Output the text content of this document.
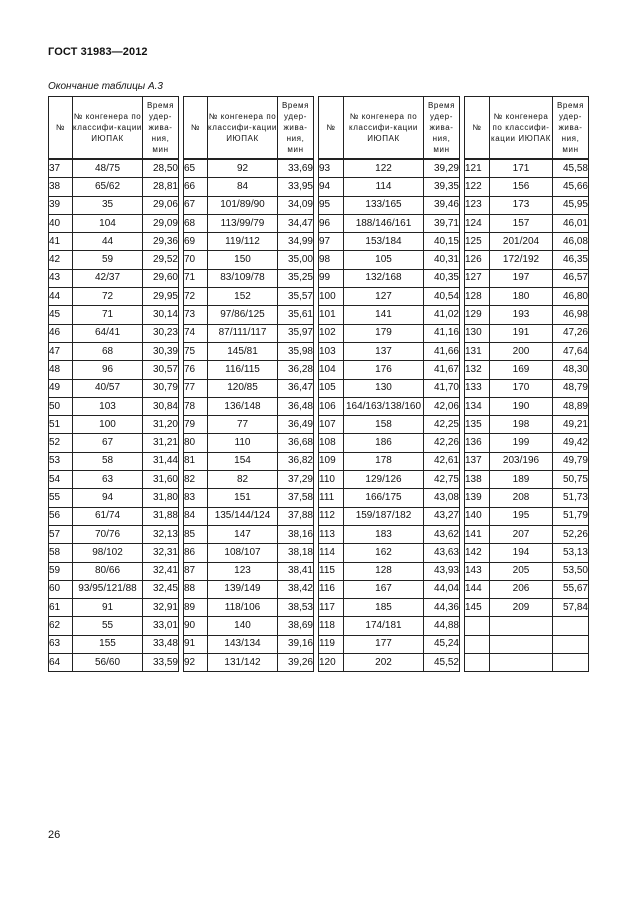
ГОСТ 31983—2012
Окончание таблицы А.3
№	№ конгенера по классифи-кации ИЮПАК	Время удер-жива-ния, мин
37	48/75	28,50
38	65/62	28,81
39	35	29,06
40	104	29,09
41	44	29,36
42	59	29,52
43	42/37	29,60
44	72	29,95
45	71	30,14
46	64/41	30,23
47	68	30,39
48	96	30,57
49	40/57	30,79
50	103	30,84
51	100	31,20
52	67	31,21
53	58	31,44
54	63	31,60
55	94	31,80
56	61/74	31,88
57	70/76	32,13
58	98/102	32,31
59	80/66	32,41
60	93/95/121/88	32,45
61	91	32,91
62	55	33,01
63	155	33,48
64	56/60	33,59
№	№ конгенера по классифи-кации ИЮПАК	Время удер-жива-ния, мин
65	92	33,69
66	84	33,95
67	101/89/90	34,09
68	113/99/79	34,47
69	119/112	34,99
70	150	35,00
71	83/109/78	35,25
72	152	35,57
73	97/86/125	35,61
74	87/111/117	35,97
75	145/81	35,98
76	116/115	36,28
77	120/85	36,47
78	136/148	36,48
79	77	36,49
80	110	36,68
81	154	36,82
82	82	37,29
83	151	37,58
84	135/144/124	37,88
85	147	38,16
86	108/107	38,18
87	123	38,41
88	139/149	38,42
89	118/106	38,53
90	140	38,69
91	143/134	39,16
92	131/142	39,26
№	№ конгенера по классифи-кации ИЮПАК	Время удер-жива-ния, мин
93	122	39,29
94	114	39,35
95	133/165	39,46
96	188/146/161	39,71
97	153/184	40,15
98	105	40,31
99	132/168	40,35
100	127	40,54
101	141	41,02
102	179	41,16
103	137	41,66
104	176	41,67
105	130	41,70
106	164/163/138/160	42,06
107	158	42,25
108	186	42,26
109	178	42,61
110	129/126	42,75
111	166/175	43,08
112	159/187/182	43,27
113	183	43,62
114	162	43,63
115	128	43,93
116	167	44,04
117	185	44,36
118	174/181	44,88
119	177	45,24
120	202	45,52
№	№ конгенера по классифи-кации ИЮПАК	Время удер-жива-ния, мин
121	171	45,58
122	156	45,66
123	173	45,95
124	157	46,01
125	201/204	46,08
126	172/192	46,35
127	197	46,57
128	180	46,80
129	193	46,98
130	191	47,26
131	200	47,64
132	169	48,30
133	170	48,79
134	190	48,89
135	198	49,21
136	199	49,42
137	203/196	49,79
138	189	50,75
139	208	51,73
140	195	51,79
141	207	52,26
142	194	53,13
143	205	53,50
144	206	55,67
145	209	57,84

26
